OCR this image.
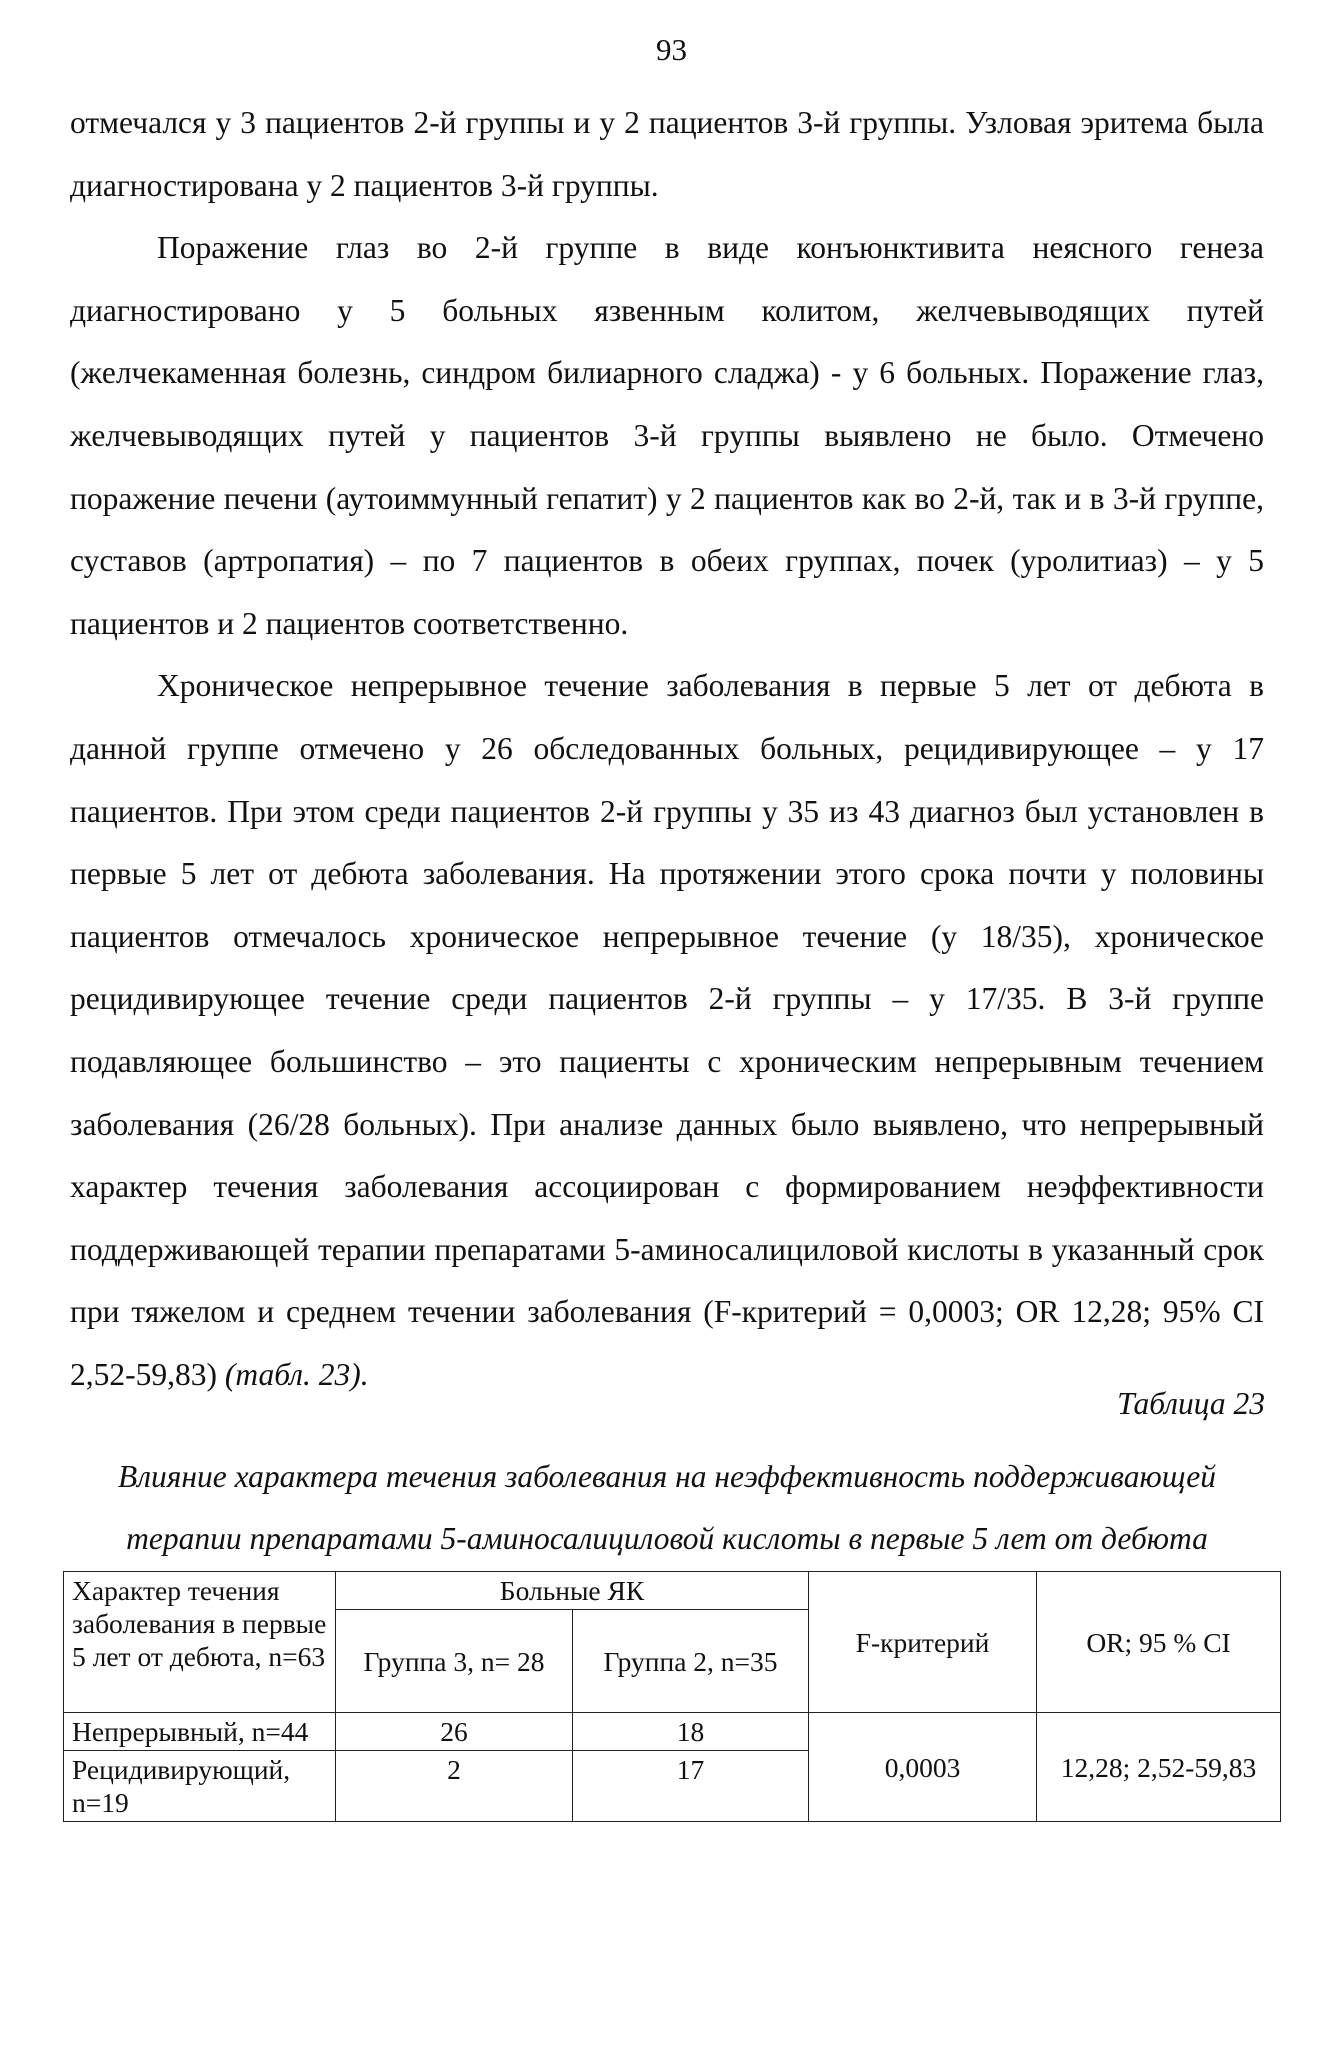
93

отмечался у 3 пациентов 2-й группы и у 2 пациентов 3-й группы. Узловая эритема была диагностирована у 2 пациентов 3-й группы.

Поражение глаз во 2-й группе в виде конъюнктивита неясного генеза диагностировано у 5 больных язвенным колитом, желчевыводящих путей (желчекаменная болезнь, синдром билиарного сладжа) - у 6 больных. Поражение глаз, желчевыводящих путей у пациентов 3-й группы выявлено не было. Отмечено поражение печени (аутоиммунный гепатит) у 2 пациентов как во 2-й, так и в 3-й группе, суставов (артропатия) – по 7 пациентов в обеих группах, почек (уролитиаз) – у 5 пациентов и 2 пациентов соответственно.

Хроническое непрерывное течение заболевания в первые 5 лет от дебюта в данной группе отмечено у 26 обследованных больных, рецидивирующее – у 17 пациентов. При этом среди пациентов 2-й группы у 35 из 43 диагноз был установлен в первые 5 лет от дебюта заболевания. На протяжении этого срока почти у половины пациентов отмечалось хроническое непрерывное течение (у 18/35), хроническое рецидивирующее течение среди пациентов 2-й группы – у 17/35. В 3-й группе подавляющее большинство – это пациенты с хроническим непрерывным течением заболевания (26/28 больных). При анализе данных было выявлено, что непрерывный характер течения заболевания ассоциирован с формированием неэффективности поддерживающей терапии препаратами 5-аминосалициловой кислоты в указанный срок при тяжелом и среднем течении заболевания (F-критерий = 0,0003; OR 12,28; 95% CI 2,52-59,83) (табл. 23).

Таблица 23
Влияние характера течения заболевания на неэффективность поддерживающей терапии препаратами 5-аминосалициловой кислоты в первые 5 лет от дебюта
Характер течения заболевания в первые 5 лет от дебюта, n=63	Больные ЯК		F-критерий	OR; 95 % CI
	Группа 3, n= 28	Группа 2, n=35		
Непрерывный, n=44	26	18	0,0003	12,28; 2,52-59,83
Рецидивирующий, n=19	2	17		
